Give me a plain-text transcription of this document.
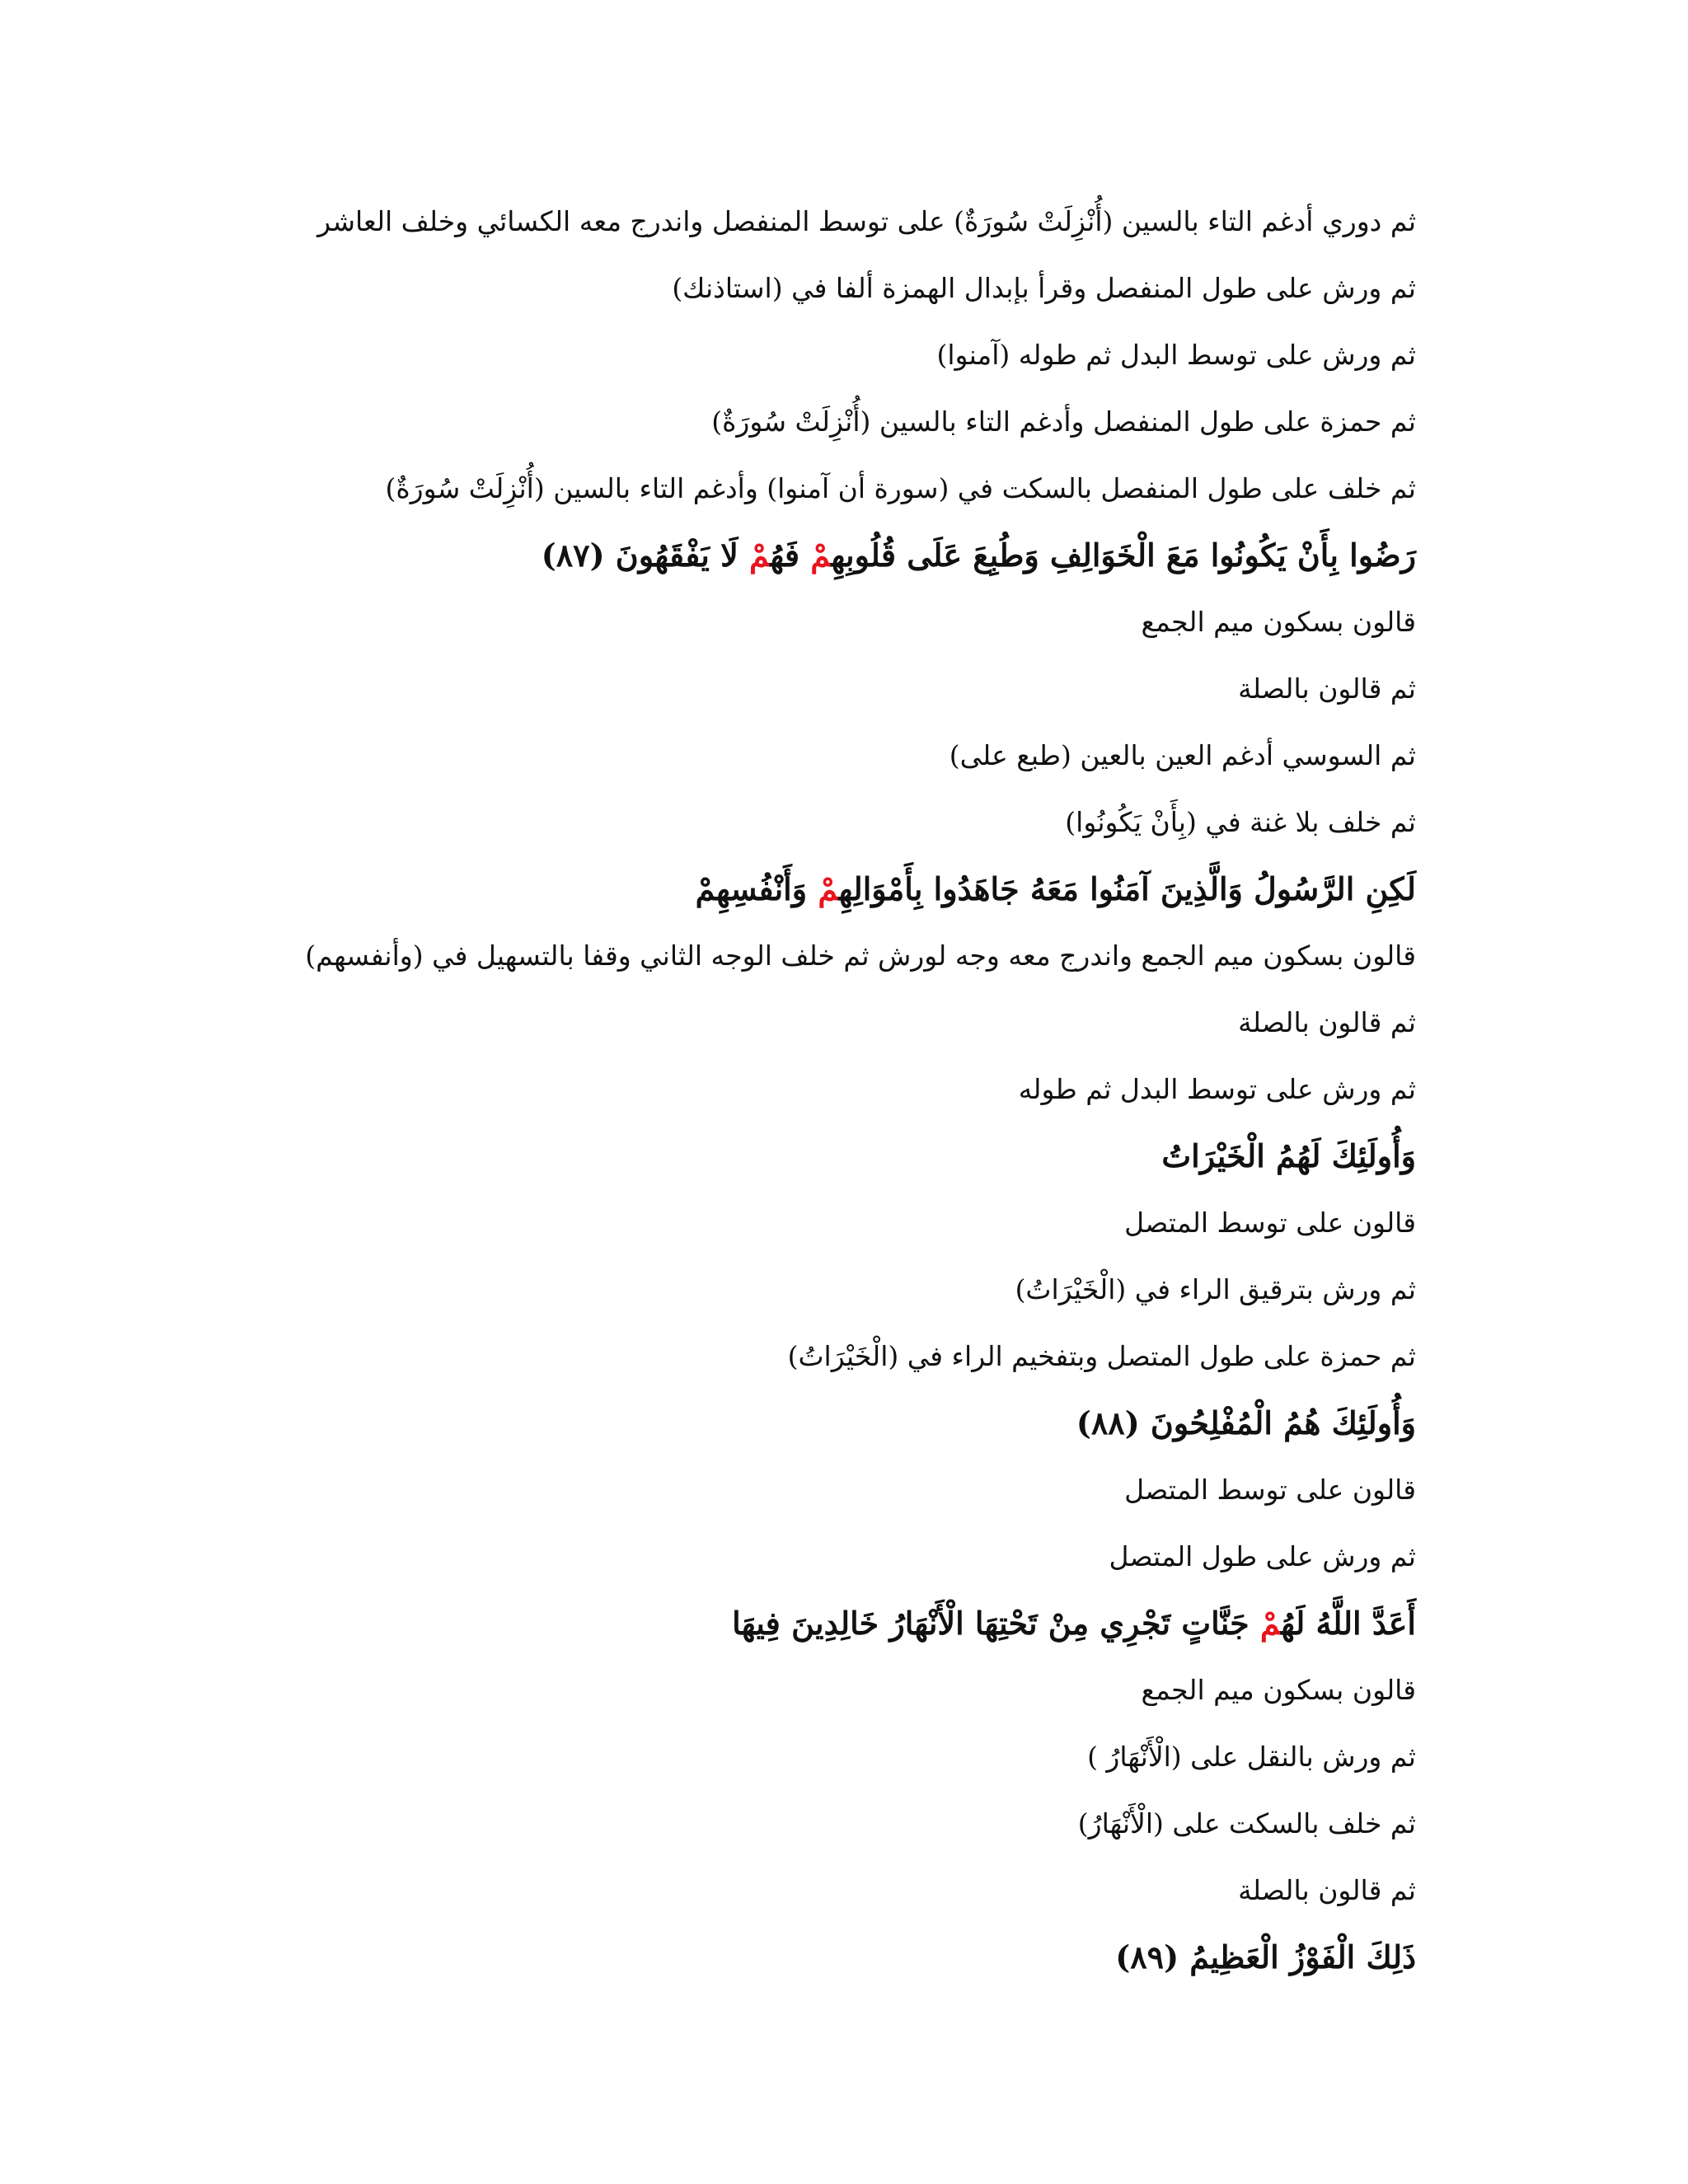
ثم دوري أدغم التاء بالسين (أُنْزِلَتْ سُورَةٌ) على توسط المنفصل واندرج معه الكسائي وخلف العاشر
ثم ورش على طول المنفصل وقرأ بإبدال الهمزة ألفا في (استاذنك)
ثم ورش على توسط البدل ثم طوله (آمنوا)
ثم حمزة على طول المنفصل وأدغم التاء بالسين (أُنْزِلَتْ سُورَةٌ)
ثم خلف على طول المنفصل بالسكت في (سورة أن آمنوا) وأدغم التاء بالسين (أُنْزِلَتْ سُورَةٌ)
رَضُوا بِأَنْ يَكُونُوا مَعَ الْخَوَالِفِ وَطُبِعَ عَلَى قُلُوبِهِمْ فَهُمْ لَا يَفْقَهُونَ (٨٧)
قالون بسكون ميم الجمع
ثم قالون بالصلة
ثم السوسي أدغم العين بالعين (طبع على)
ثم خلف بلا غنة في (بِأَنْ يَكُونُوا)
لَكِنِ الرَّسُولُ وَالَّذِينَ آمَنُوا مَعَهُ جَاهَدُوا بِأَمْوَالِهِمْ وَأَنْفُسِهِمْ
قالون بسكون ميم الجمع واندرج معه وجه لورش ثم خلف الوجه الثاني وقفا بالتسهيل في (وأنفسهم)
ثم قالون بالصلة
ثم ورش على توسط البدل ثم طوله
وَأُولَئِكَ لَهُمُ الْخَيْرَاتُ
قالون على توسط المتصل
ثم ورش بترقيق الراء في (الْخَيْرَاتُ)
ثم حمزة على طول المتصل وبتفخيم الراء في (الْخَيْرَاتُ)
وَأُولَئِكَ هُمُ الْمُفْلِحُونَ (٨٨)
قالون على توسط المتصل
ثم ورش على طول المتصل
أَعَدَّ اللَّهُ لَهُمْ جَنَّاتٍ تَجْرِي مِنْ تَحْتِهَا الْأَنْهَارُ خَالِدِينَ فِيهَا
قالون بسكون ميم الجمع
ثم ورش بالنقل على (الْأَنْهَارُ )
ثم خلف بالسكت على (الْأَنْهَارُ)
ثم قالون بالصلة
ذَلِكَ الْفَوْزُ الْعَظِيمُ (٨٩)
